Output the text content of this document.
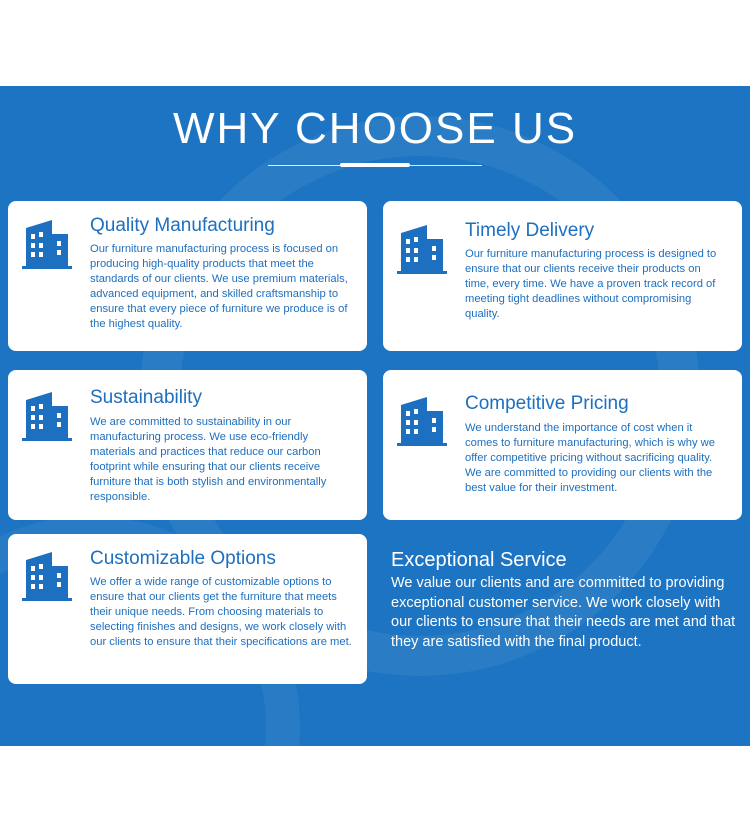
WHY CHOOSE US
Quality Manufacturing
Our furniture manufacturing process is focused on producing high-quality products that meet the standards of our clients. We use premium materials, advanced equipment, and skilled craftsmanship to ensure that every piece of furniture we produce is of the highest quality.
Timely Delivery
Our furniture manufacturing process is designed to ensure that our clients receive their products on time, every time. We have a proven track record of meeting tight deadlines without compromising quality.
Sustainability
We are committed to sustainability in our manufacturing process. We use eco-friendly materials and practices that reduce our carbon footprint while ensuring that our clients receive furniture that is both stylish and environmentally responsible.
Competitive Pricing
We understand the importance of cost when it comes to furniture manufacturing, which is why we offer competitive pricing without sacrificing quality. We are committed to providing our clients with the best value for their investment.
Customizable Options
We offer a wide range of customizable options to ensure that our clients get the furniture that meets their unique needs. From choosing materials to selecting finishes and designs, we work closely with our clients to ensure that their specifications are met.
Exceptional Service
We value our clients and are committed to providing exceptional customer service. We work closely with our clients to ensure that their needs are met and that they are satisfied with the final product.
